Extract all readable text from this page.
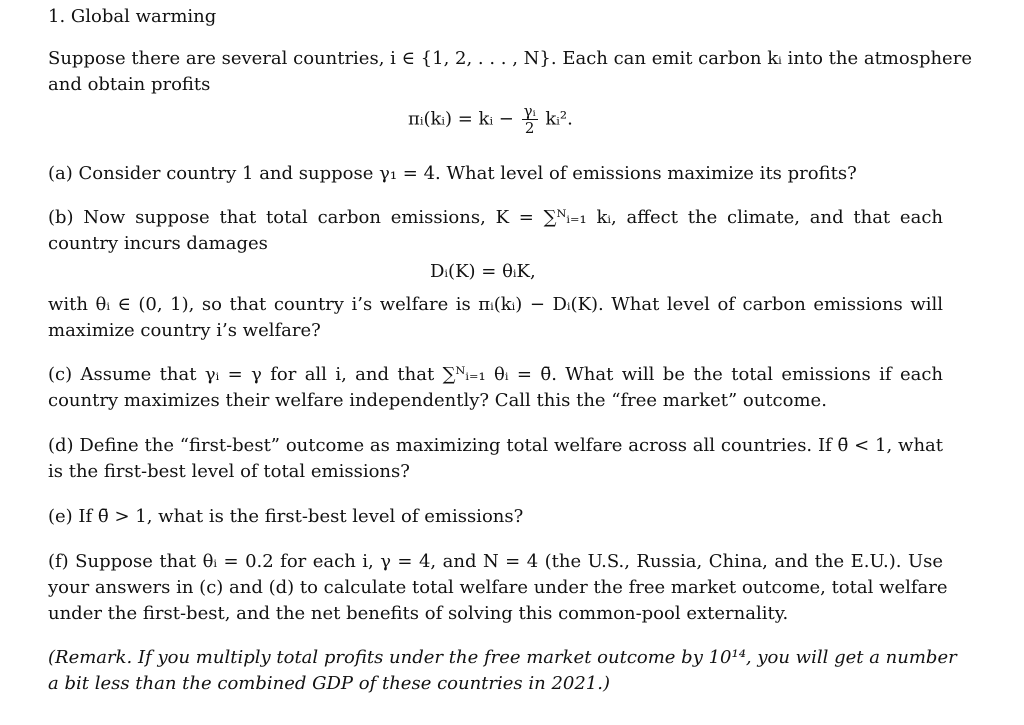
1. Global warming
Suppose there are several countries, i ∈ {1, 2, . . . , N}. Each can emit carbon kᵢ into the atmosphere
and obtain profits
πᵢ(kᵢ) = kᵢ − $\frac{\text{γᵢ}}{2}$ kᵢ².
(a) Consider country 1 and suppose γ₁ = 4. What level of emissions maximize its profits?
(b) Now suppose that total carbon emissions, K = ∑ᴺᵢ₌₁ kᵢ, affect the climate, and that each
country incurs damages
Dᵢ(K) = θᵢK,
with θᵢ ∈ (0, 1), so that country i’s welfare is πᵢ(kᵢ) − Dᵢ(K). What level of carbon emissions will
maximize country i’s welfare?
(c) Assume that γᵢ = γ for all i, and that ∑ᴺᵢ₌₁ θᵢ = θ̄. What will be the total emissions if each
country maximizes their welfare independently? Call this the “free market” outcome.
(d) Define the “first-best” outcome as maximizing total welfare across all countries. If θ̄ < 1, what
is the first-best level of total emissions?
(e) If θ̄ > 1, what is the first-best level of emissions?
(f) Suppose that θᵢ = 0.2 for each i, γ = 4, and N = 4 (the U.S., Russia, China, and the E.U.). Use
your answers in (c) and (d) to calculate total welfare under the free market outcome, total welfare
under the first-best, and the net benefits of solving this common-pool externality.
(Remark. If you multiply total profits under the free market outcome by 10¹⁴, you will get a number
a bit less than the combined GDP of these countries in 2021.)
